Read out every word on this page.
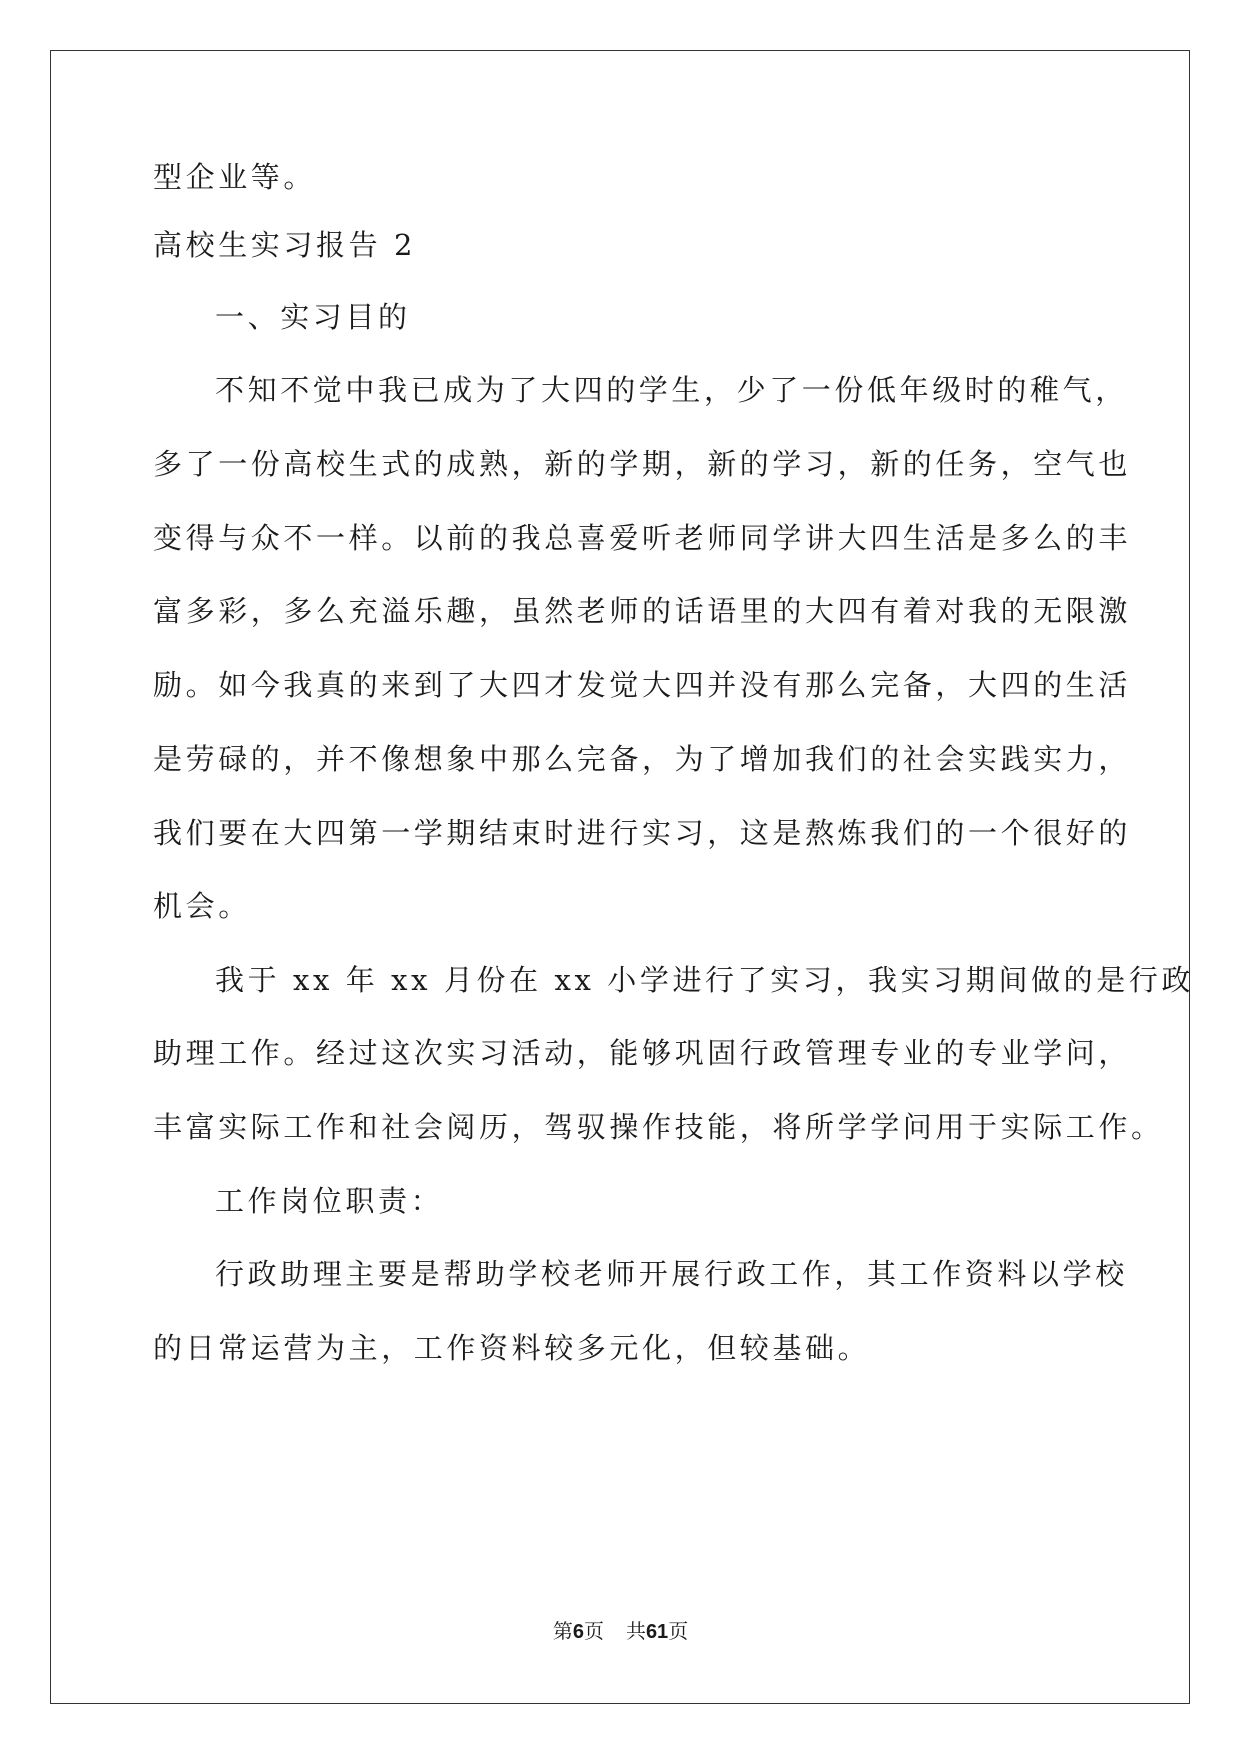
型企业等。
高校生实习报告 2
一、实习目的
不知不觉中我已成为了大四的学生，少了一份低年级时的稚气，
多了一份高校生式的成熟，新的学期，新的学习，新的任务，空气也
变得与众不一样。以前的我总喜爱听老师同学讲大四生活是多么的丰
富多彩，多么充溢乐趣，虽然老师的话语里的大四有着对我的无限激
励。如今我真的来到了大四才发觉大四并没有那么完备，大四的生活
是劳碌的，并不像想象中那么完备，为了增加我们的社会实践实力，
我们要在大四第一学期结束时进行实习，这是熬炼我们的一个很好的
机会。
我于 xx 年 xx 月份在 xx 小学进行了实习，我实习期间做的是行政
助理工作。经过这次实习活动，能够巩固行政管理专业的专业学问，
丰富实际工作和社会阅历，驾驭操作技能，将所学学问用于实际工作。
工作岗位职责：
行政助理主要是帮助学校老师开展行政工作，其工作资料以学校
的日常运营为主，工作资料较多元化，但较基础。
第6页 共61页
